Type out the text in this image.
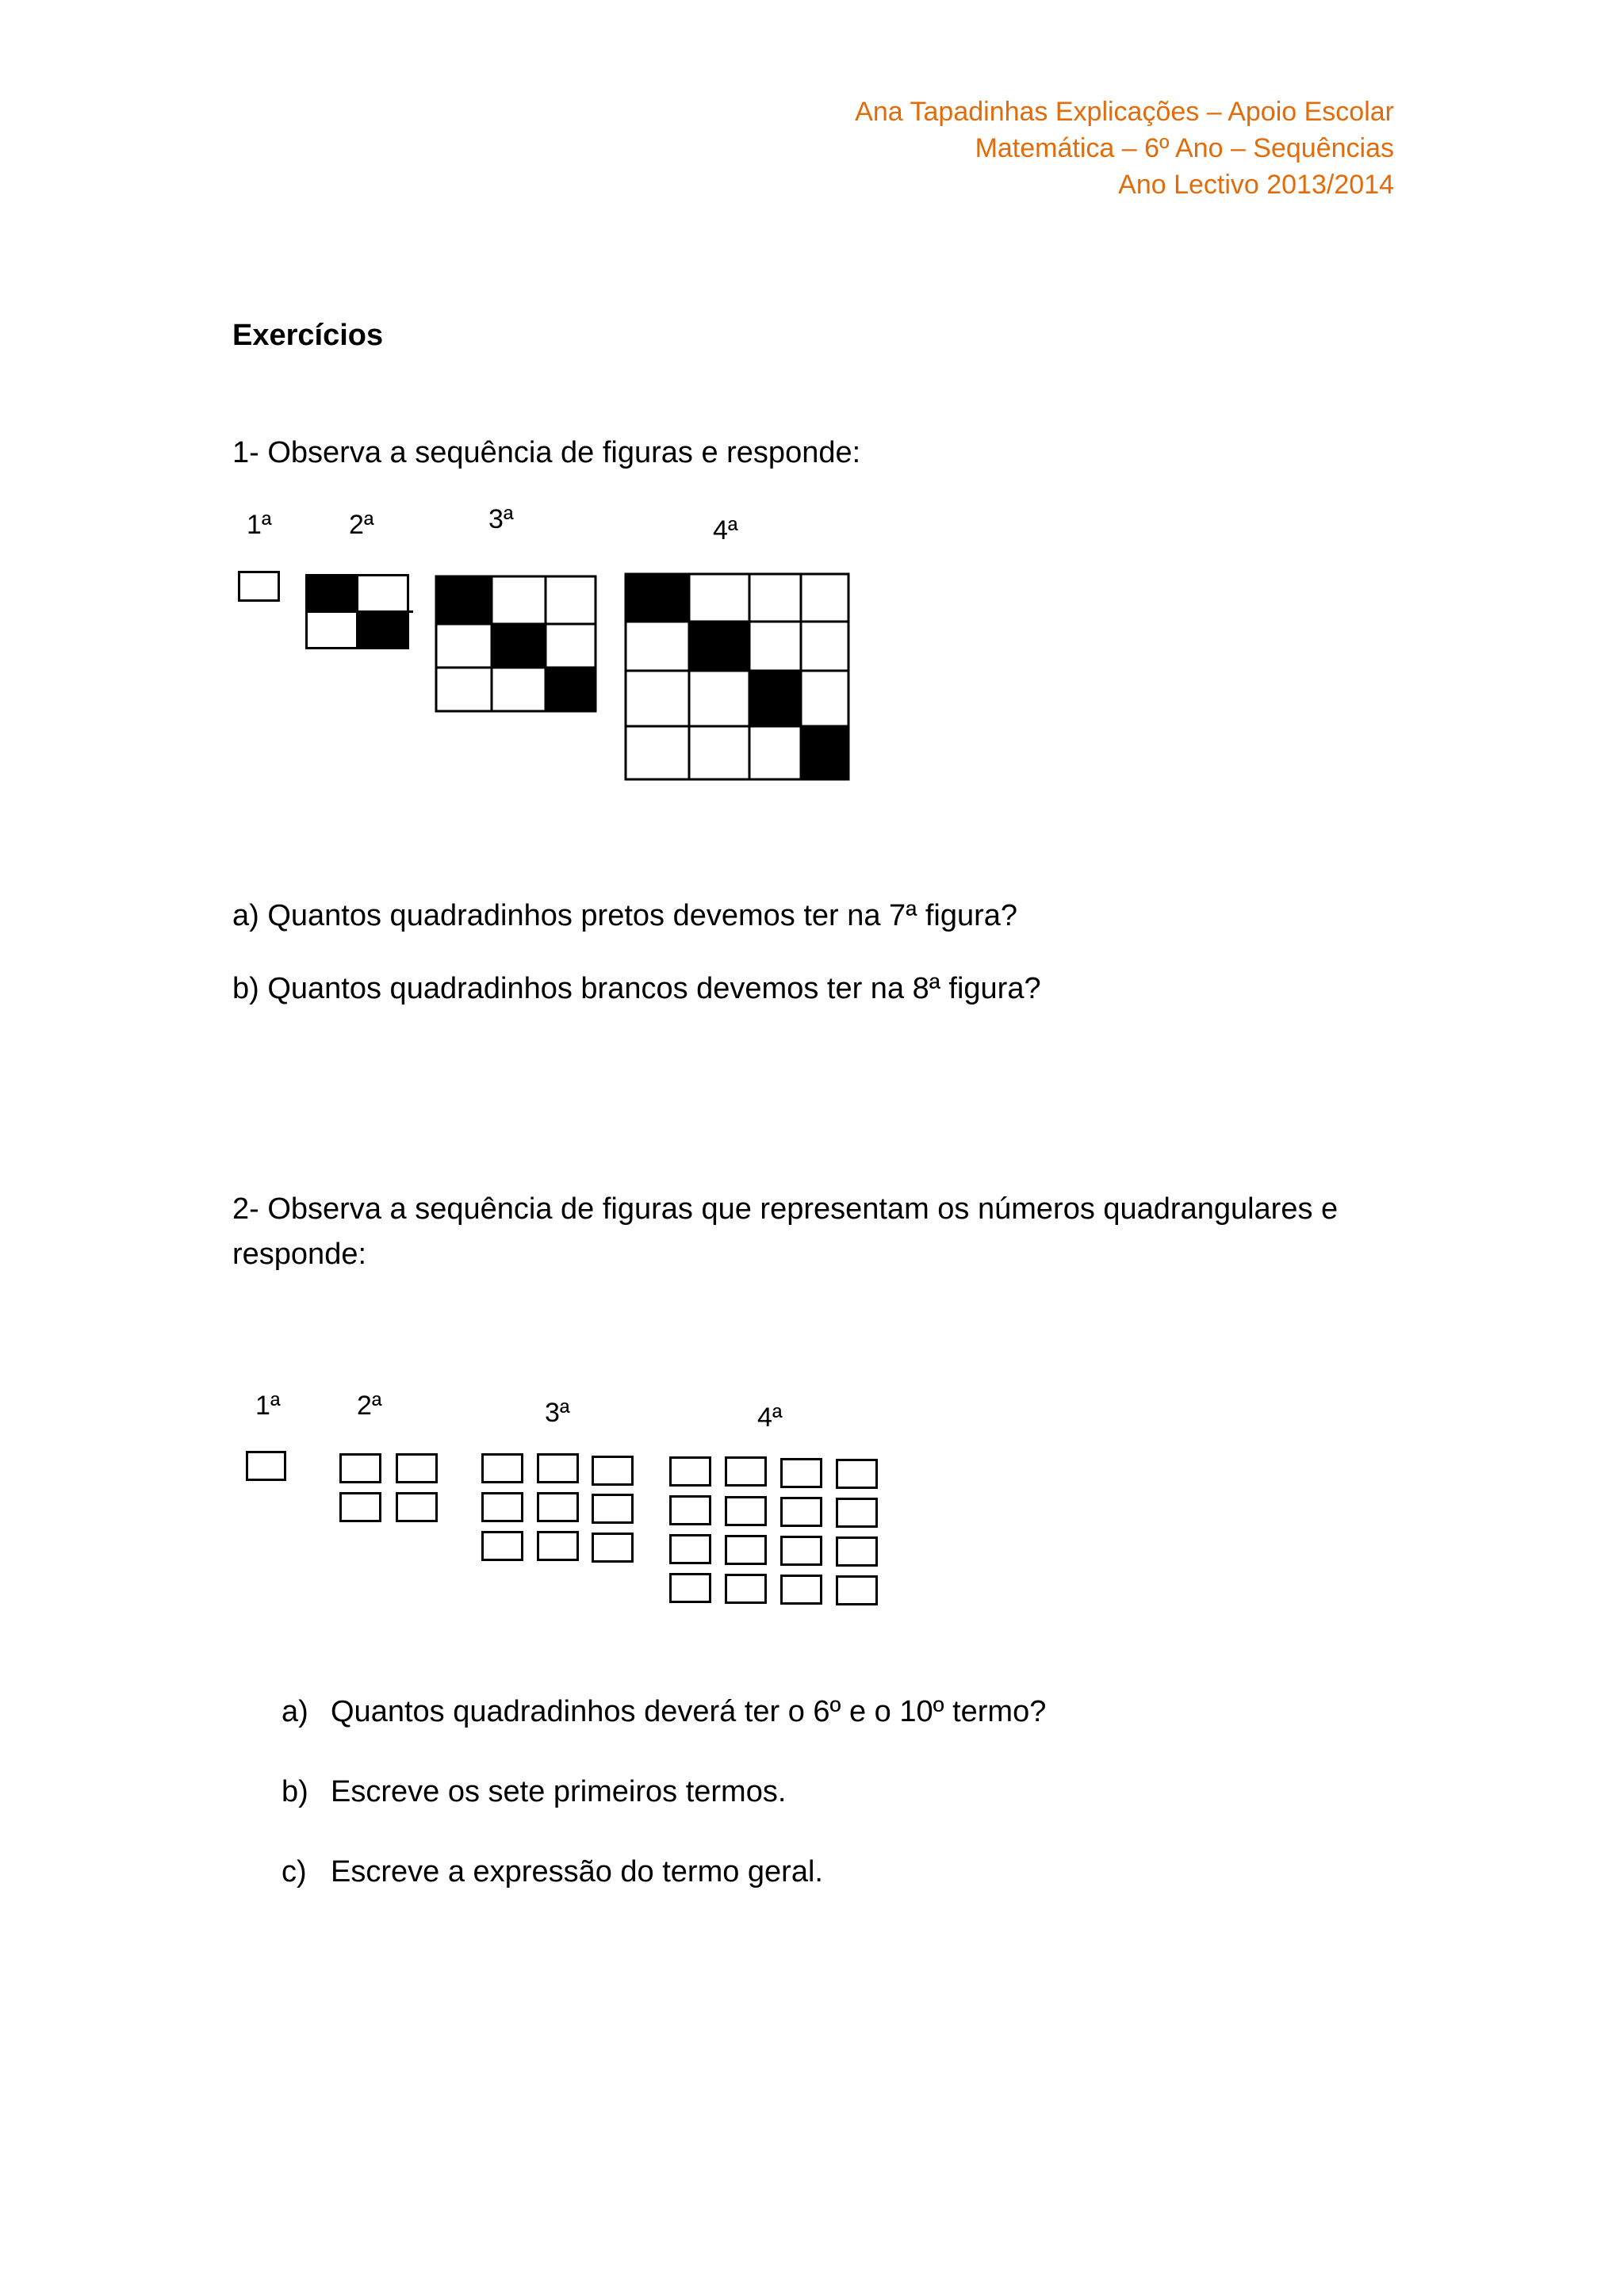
Ana Tapadinhas Explicações – Apoio Escolar
Matemática – 6º Ano – Sequências
Ano Lectivo 2013/2014
Exercícios
1- Observa a sequência de figuras e responde:
1ª	2ª	3ª	4ª
a) Quantos quadradinhos pretos devemos ter na 7ª figura?
b) Quantos quadradinhos brancos devemos ter na 8ª figura?
2- Observa a sequência de figuras que representam os números quadrangulares e
responde:
1ª	2ª	3ª	4ª
a) Quantos quadradinhos deverá ter o 6º e o 10º termo?
b) Escreve os sete primeiros termos.
c) Escreve a expressão do termo geral.
